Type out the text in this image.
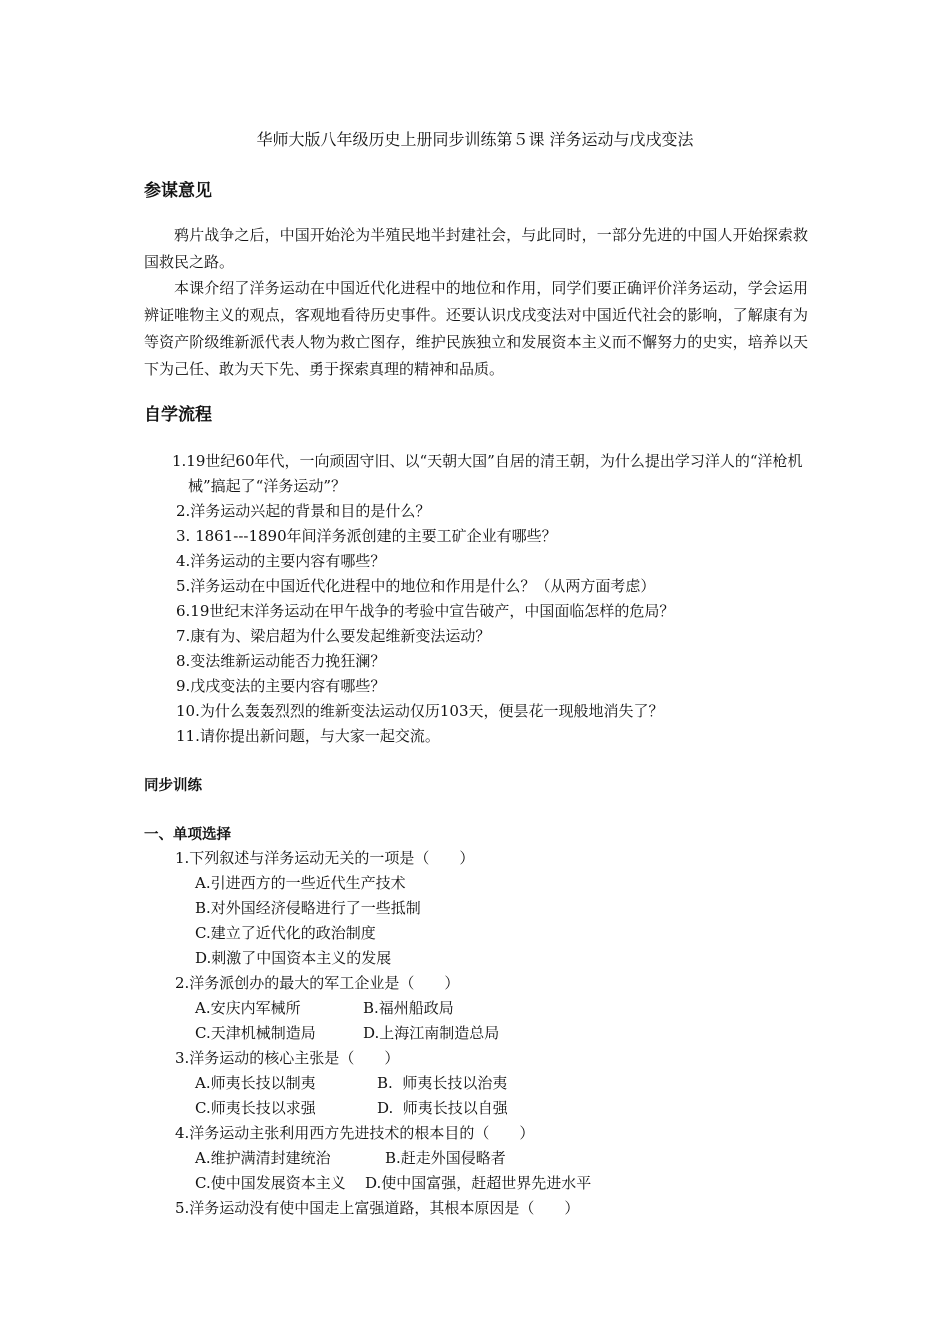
华师大版八年级历史上册同步训练第５课 洋务运动与戊戌变法
参谋意见
鸦片战争之后，中国开始沦为半殖民地半封建社会，与此同时，一部分先进的中国人开始探索救国救民之路。
本课介绍了洋务运动在中国近代化进程中的地位和作用，同学们要正确评价洋务运动，学会运用辨证唯物主义的观点，客观地看待历史事件。还要认识戊戌变法对中国近代社会的影响，了解康有为等资产阶级维新派代表人物为救亡图存，维护民族独立和发展资本主义而不懈努力的史实，培养以天下为己任、敢为天下先、勇于探索真理的精神和品质。
自学流程
1.19世纪60年代，一向顽固守旧、以“天朝大国”自居的清王朝，为什么提出学习洋人的“洋枪机械”搞起了“洋务运动”？
2.洋务运动兴起的背景和目的是什么？
3. 1861---1890年间洋务派创建的主要工矿企业有哪些？
4.洋务运动的主要内容有哪些？
5.洋务运动在中国近代化进程中的地位和作用是什么？（从两方面考虑）
6.19世纪末洋务运动在甲午战争的考验中宣告破产，中国面临怎样的危局？
7.康有为、梁启超为什么要发起维新变法运动？
8.变法维新运动能否力挽狂澜？
9.戊戌变法的主要内容有哪些？
10.为什么轰轰烈烈的维新变法运动仅历103天，便昙花一现般地消失了？
11.请你提出新问题，与大家一起交流。
同步训练
一、单项选择
1.下列叙述与洋务运动无关的一项是（　　）
A.引进西方的一些近代生产技术
B.对外国经济侵略进行了一些抵制
C.建立了近代化的政治制度
D.刺激了中国资本主义的发展
2.洋务派创办的最大的军工企业是（　　）
A.安庆内军械所	B.福州船政局
C.天津机械制造局	D.上海江南制造总局
3.洋务运动的核心主张是（　　）
A.师夷长技以制夷	B.  师夷长技以治夷
C.师夷长技以求强	D.  师夷长技以自强
4.洋务运动主张利用西方先进技术的根本目的（　　）
A.维护满清封建统治	B.赶走外国侵略者
C.使中国发展资本主义 D.使中国富强，赶超世界先进水平
5.洋务运动没有使中国走上富强道路，其根本原因是（　　）
